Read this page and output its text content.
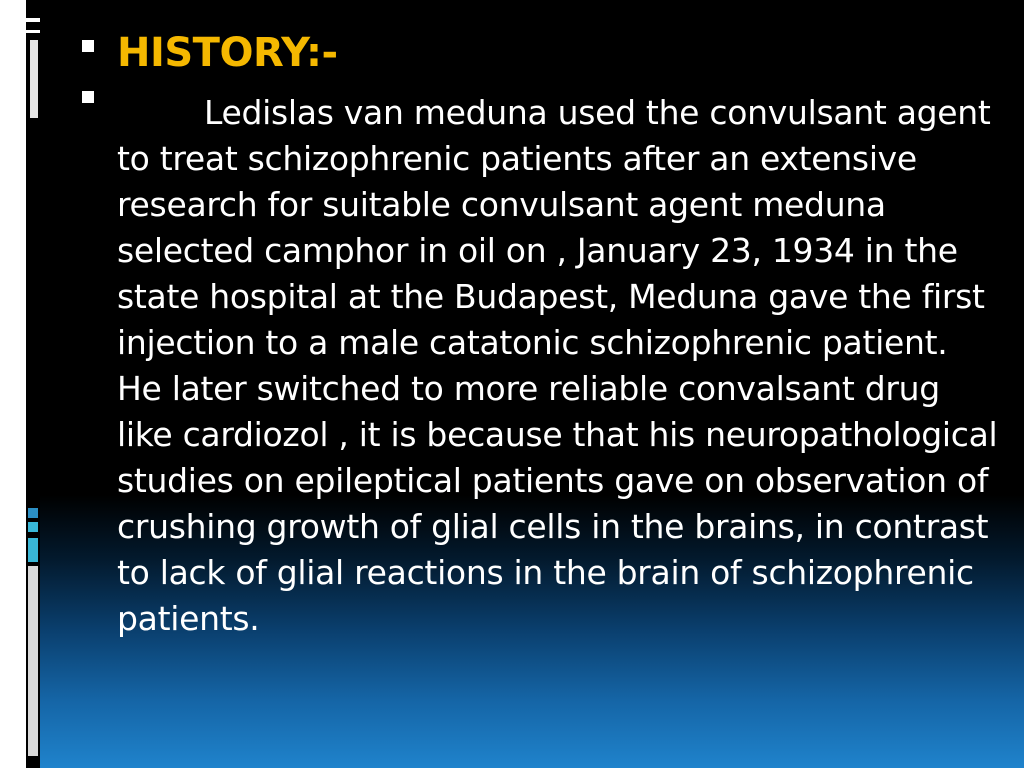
HISTORY:-
Ledislas van meduna used the convulsant agent to treat schizophrenic patients after an extensive research for suitable convulsant agent meduna selected camphor in oil on , January 23, 1934 in the state hospital at the Budapest, Meduna gave the first injection to a male catatonic schizophrenic patient. He later switched to more reliable convalsant drug like cardiozol , it is because that his neuropathological studies on epileptical patients gave on observation of crushing growth of glial cells in the brains, in contrast to lack of glial reactions in the brain of schizophrenic patients.
